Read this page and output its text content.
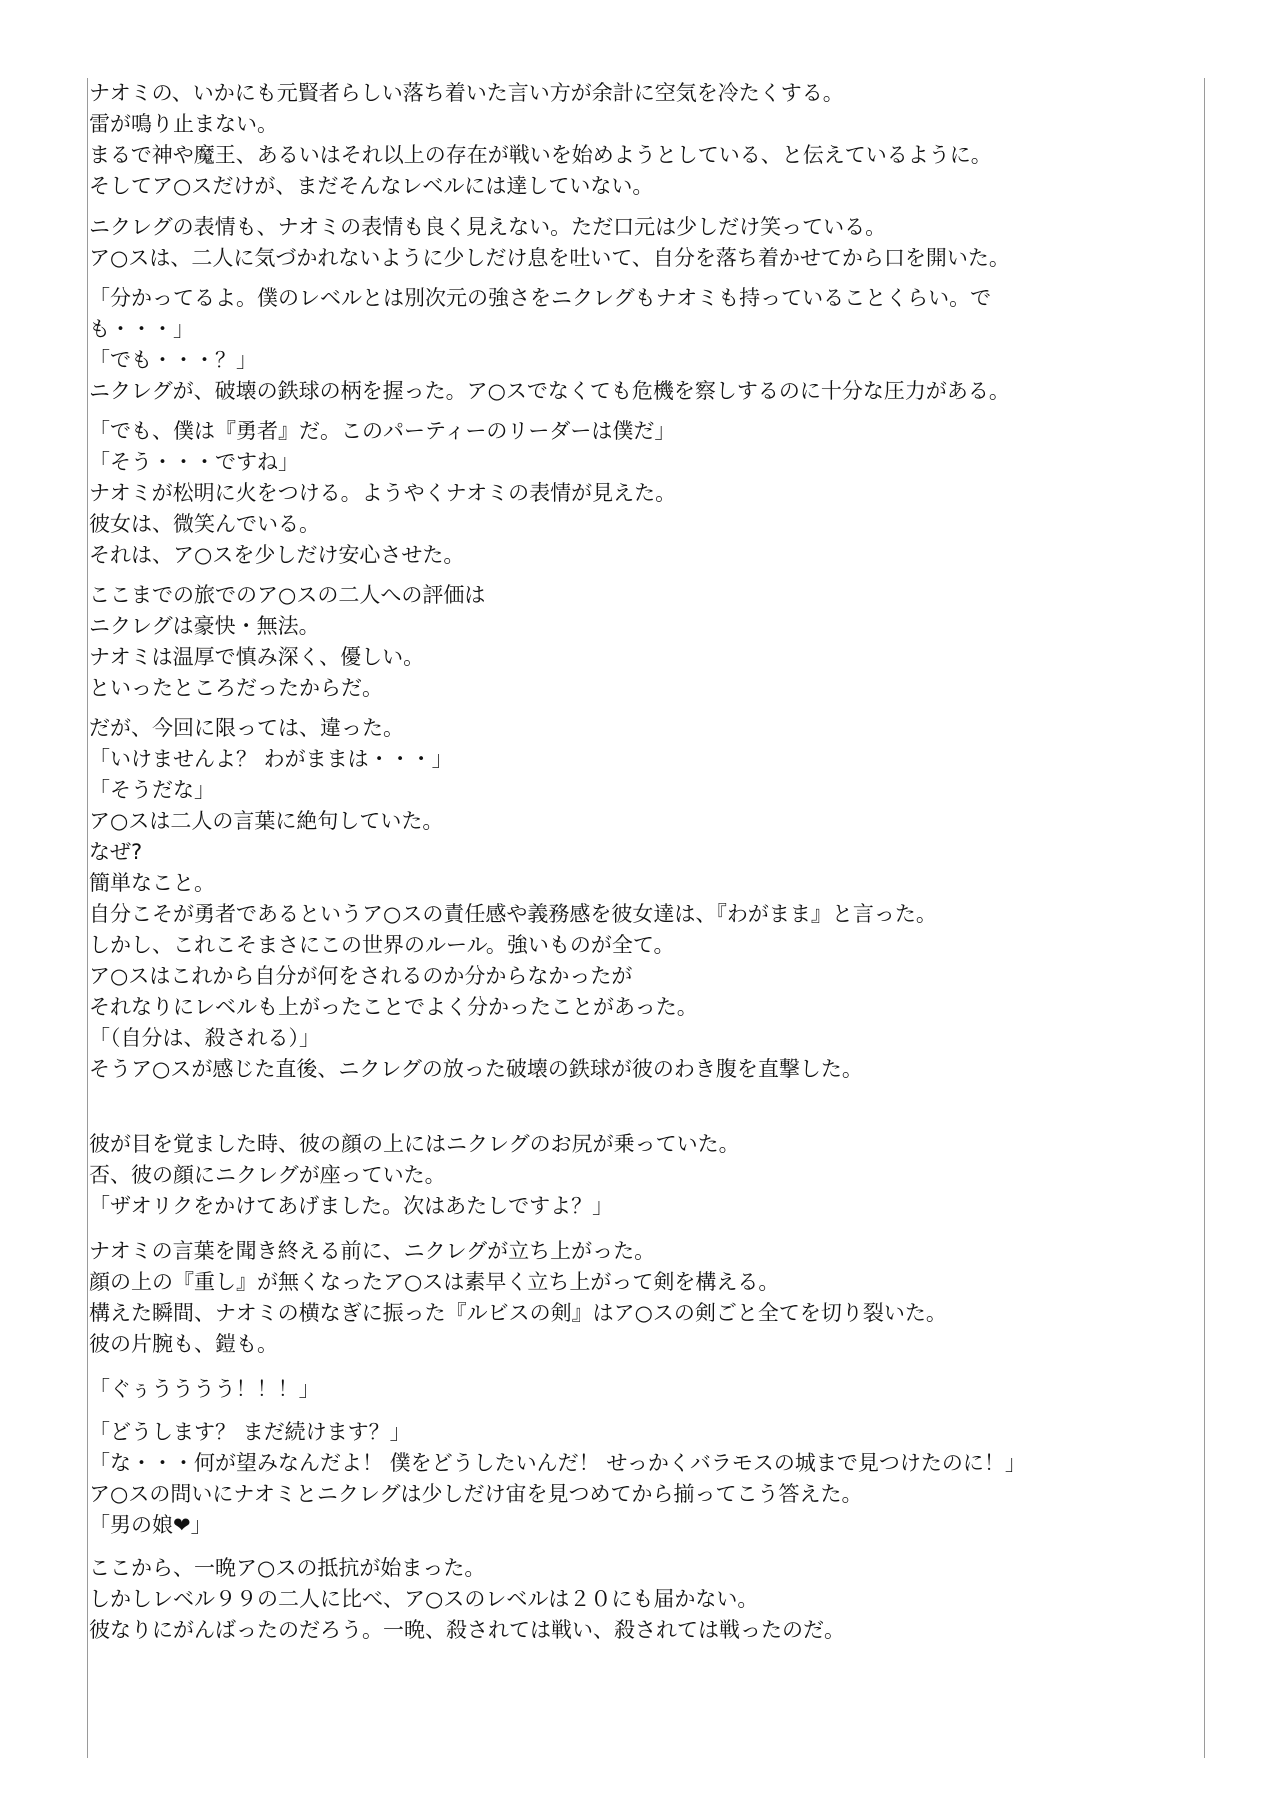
ナオミの、いかにも元賢者らしい落ち着いた言い方が余計に空気を冷たくする。
雷が鳴り止まない。
まるで神や魔王、あるいはそれ以上の存在が戦いを始めようとしている、と伝えているように。
そしてア○スだけが、まだそんなレベルには達していない。
ニクレグの表情も、ナオミの表情も良く見えない。ただ口元は少しだけ笑っている。
ア○スは、二人に気づかれないように少しだけ息を吐いて、自分を落ち着かせてから口を開いた。
「分かってるよ。僕のレベルとは別次元の強さをニクレグもナオミも持っていることくらい。で
も・・・」
「でも・・・？」
ニクレグが、破壊の鉄球の柄を握った。ア○スでなくても危機を察しするのに十分な圧力がある。
「でも、僕は『勇者』だ。このパーティーのリーダーは僕だ」
「そう・・・ですね」
ナオミが松明に火をつける。ようやくナオミの表情が見えた。
彼女は、微笑んでいる。
それは、ア○スを少しだけ安心させた。
ここまでの旅でのア○スの二人への評価は
ニクレグは豪快・無法。
ナオミは温厚で慎み深く、優しい。
といったところだったからだ。
だが、今回に限っては、違った。
「いけませんよ？ わがままは・・・」
「そうだな」
ア○スは二人の言葉に絶句していた。
なぜ?
簡単なこと。
自分こそが勇者であるというア○スの責任感や義務感を彼女達は、『わがまま』と言った。
しかし、これこそまさにこの世界のルール。強いものが全て。
ア○スはこれから自分が何をされるのか分からなかったが
それなりにレベルも上がったことでよく分かったことがあった。
「（自分は、殺される）」
そうア○スが感じた直後、ニクレグの放った破壊の鉄球が彼のわき腹を直撃した。
彼が目を覚ました時、彼の顔の上にはニクレグのお尻が乗っていた。
否、彼の顔にニクレグが座っていた。
「ザオリクをかけてあげました。次はあたしですよ？」
ナオミの言葉を聞き終える前に、ニクレグが立ち上がった。
顔の上の『重し』が無くなったア○スは素早く立ち上がって剣を構える。
構えた瞬間、ナオミの横なぎに振った『ルビスの剣』はア○スの剣ごと全てを切り裂いた。
彼の片腕も、鎧も。
「ぐぅうううう！！！」
「どうします？ まだ続けます？」
「な・・・何が望みなんだよ！ 僕をどうしたいんだ！ せっかくバラモスの城まで見つけたのに！」
ア○スの問いにナオミとニクレグは少しだけ宙を見つめてから揃ってこう答えた。
「男の娘❤」
ここから、一晩ア○スの抵抗が始まった。
しかしレベル９９の二人に比べ、ア○スのレベルは２０にも届かない。
彼なりにがんばったのだろう。一晩、殺されては戦い、殺されては戦ったのだ。
